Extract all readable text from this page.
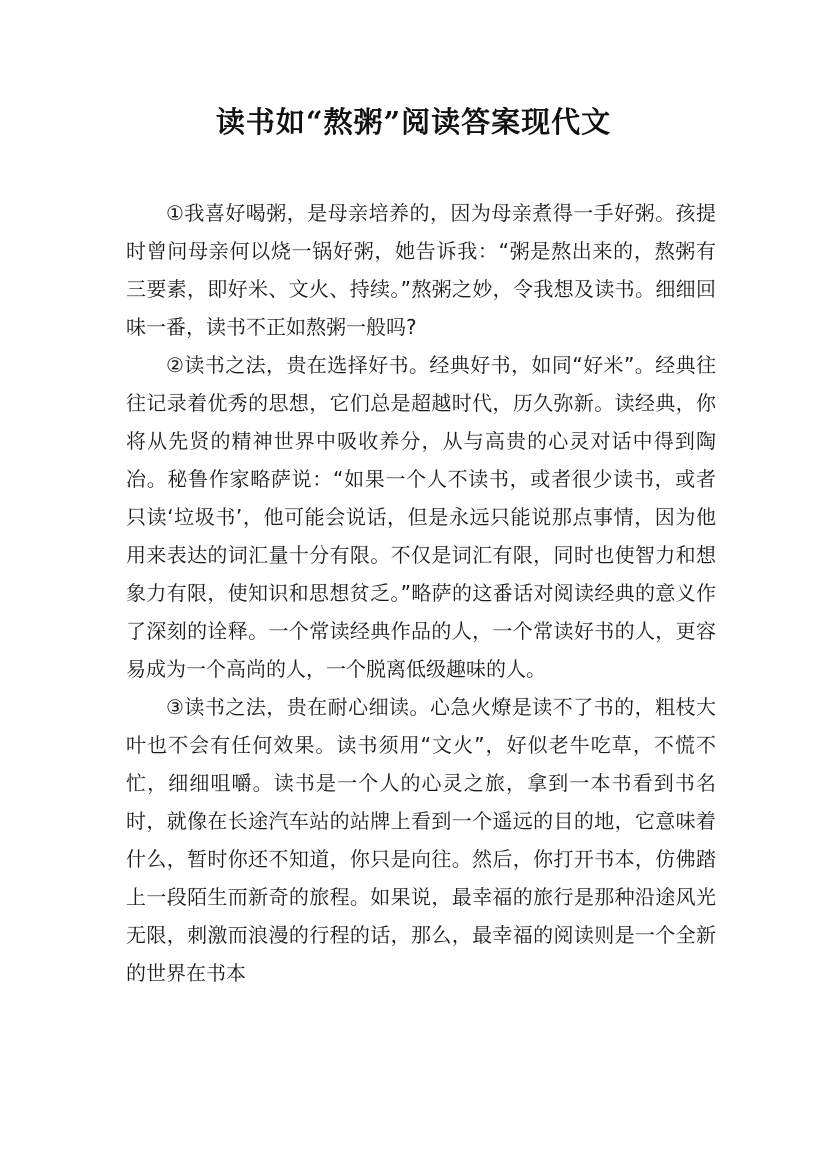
读书如“熬粥”阅读答案现代文

①我喜好喝粥，是母亲培养的，因为母亲煮得一手好粥。孩提时曾问母亲何以烧一锅好粥，她告诉我：“粥是熬出来的，熬粥有三要素，即好米、文火、持续。”熬粥之妙，令我想及读书。细细回味一番，读书不正如熬粥一般吗?

②读书之法，贵在选择好书。经典好书，如同“好米”。经典往往记录着优秀的思想，它们总是超越时代，历久弥新。读经典，你将从先贤的精神世界中吸收养分，从与高贵的心灵对话中得到陶冶。秘鲁作家略萨说：“如果一个人不读书，或者很少读书，或者只读‘垃圾书’，他可能会说话，但是永远只能说那点事情，因为他用来表达的词汇量十分有限。不仅是词汇有限，同时也使智力和想象力有限，使知识和思想贫乏。”略萨的这番话对阅读经典的意义作了深刻的诠释。一个常读经典作品的人，一个常读好书的人，更容易成为一个高尚的人，一个脱离低级趣味的人。

③读书之法，贵在耐心细读。心急火燎是读不了书的，粗枝大叶也不会有任何效果。读书须用“文火”，好似老牛吃草，不慌不忙，细细咀嚼。读书是一个人的心灵之旅，拿到一本书看到书名时，就像在长途汽车站的站牌上看到一个遥远的目的地，它意味着什么，暂时你还不知道，你只是向往。然后，你打开书本，仿佛踏上一段陌生而新奇的旅程。如果说，最幸福的旅行是那种沿途风光无限，刺激而浪漫的行程的话，那么，最幸福的阅读则是一个全新的世界在书本
